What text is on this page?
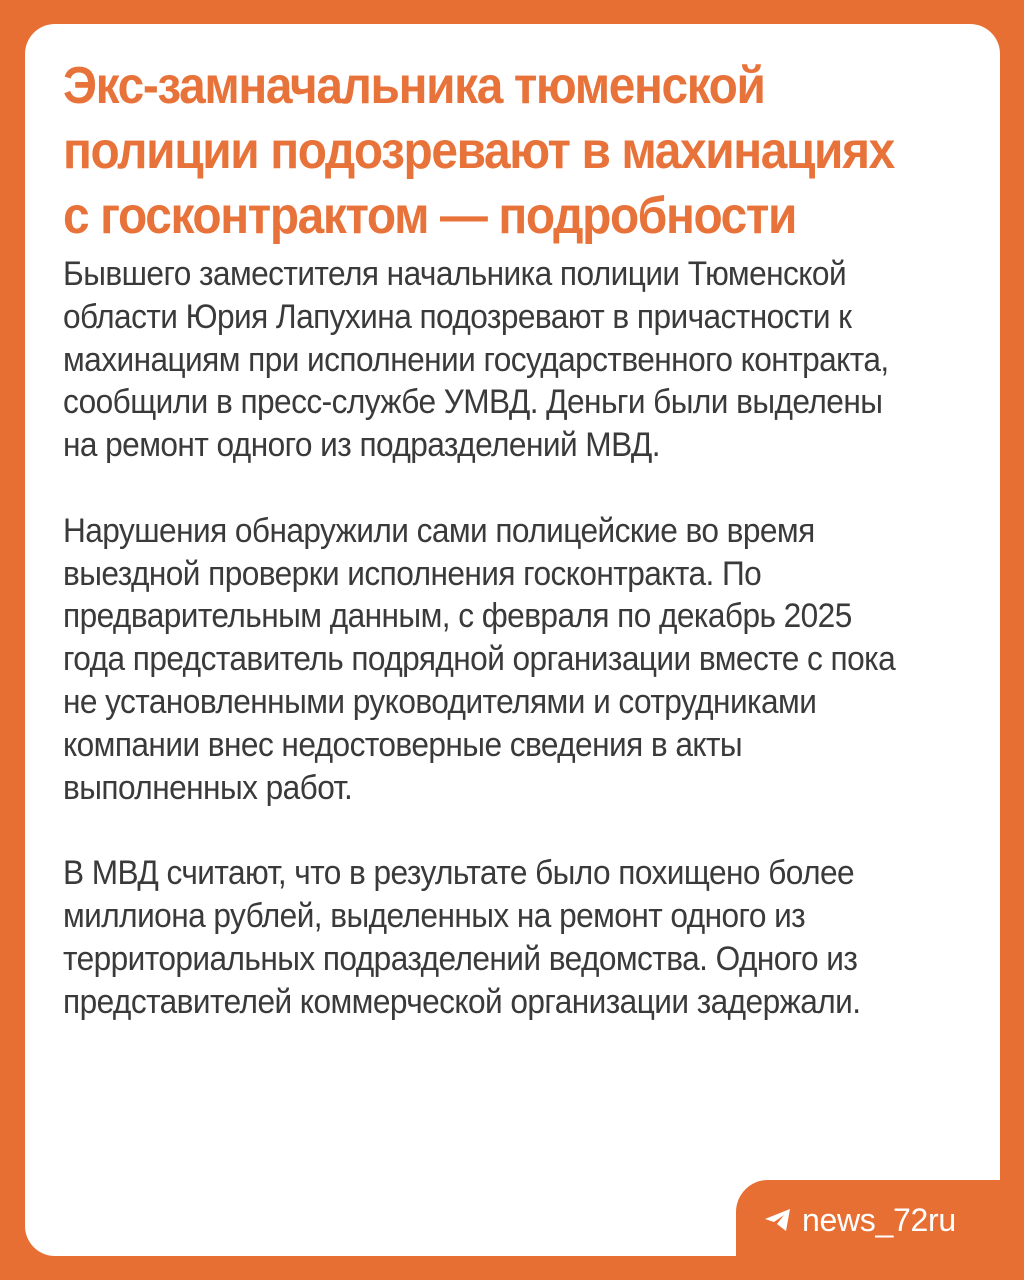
Экс-замначальника тюменской полиции подозревают в махинациях с госконтрактом — подробности

Бывшего заместителя начальника полиции Тюменской области Юрия Лапухина подозревают в причастности к махинациям при исполнении государственного контракта, сообщили в пресс-службе УМВД. Деньги были выделены на ремонт одного из подразделений МВД.

Нарушения обнаружили сами полицейские во время выездной проверки исполнения госконтракта. По предварительным данным, с февраля по декабрь 2025 года представитель подрядной организации вместе с пока не установленными руководителями и сотрудниками компании внес недостоверные сведения в акты выполненных работ.

В МВД считают, что в результате было похищено более миллиона рублей, выделенных на ремонт одного из территориальных подразделений ведомства. Одного из представителей коммерческой организации задержали.

news_72ru
